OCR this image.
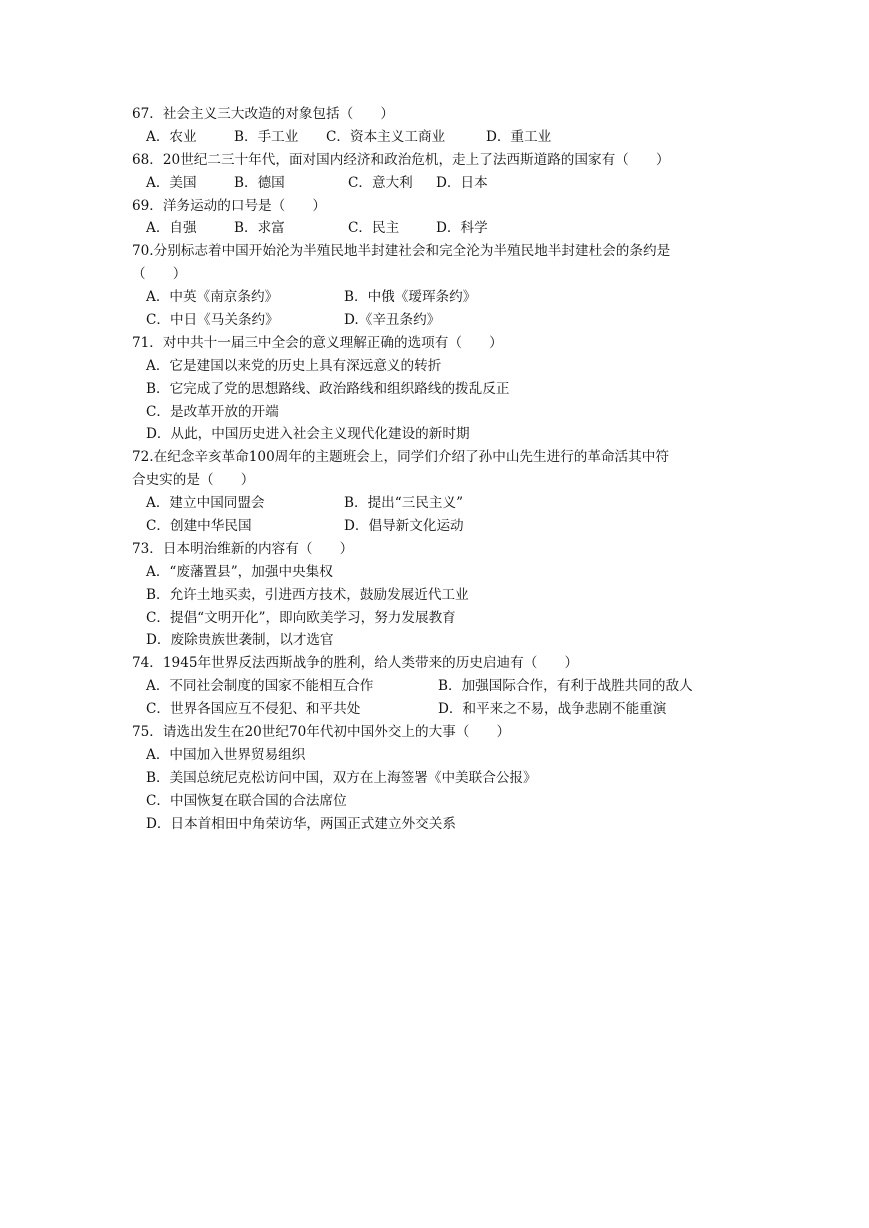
67．社会主义三大改造的对象包括（　　）
A．农业	B．手工业	C．资本主义工商业	D．重工业
68．20世纪二三十年代，面对国内经济和政治危机，走上了法西斯道路的国家有（　　）
A．美国	B．德国	C．意大利	D．日本
69．洋务运动的口号是（　　）
A．自强	B．求富	C．民主	D．科学
70.分别标志着中国开始沦为半殖民地半封建社会和完全沦为半殖民地半封建杜会的条约是
（　　）
A．中英《南京条约》	B．中俄《瑷珲条约》
C．中日《马关条约》	D.《辛丑条约》
71．对中共十一届三中全会的意义理解正确的选项有（　　）
A．它是建国以来党的历史上具有深远意义的转折
B．它完成了党的思想路线、政治路线和组织路线的拨乱反正
C．是改革开放的开端
D．从此，中国历史进入社会主义现代化建设的新时期
72.在纪念辛亥革命100周年的主题班会上，同学们介绍了孙中山先生进行的革命活其中符
合史实的是（　　）
A．建立中国同盟会	B．提出“三民主义”
C．创建中华民国	D．倡导新文化运动
73．日本明治维新的内容有（　　）
A．“废藩置县”，加强中央集权
B．允许土地买卖，引进西方技术，鼓励发展近代工业
C．提倡“文明开化”，即向欧美学习，努力发展教育
D．废除贵族世袭制，以才选官
74．1945年世界反法西斯战争的胜利，给人类带来的历史启迪有（　　）
A．不同社会制度的国家不能相互合作	B．加强国际合作，有利于战胜共同的敌人
C．世界各国应互不侵犯、和平共处	D．和平来之不易，战争悲剧不能重演
75．请选出发生在20世纪70年代初中国外交上的大事（　　）
A．中国加入世界贸易组织
B．美国总统尼克松访问中国，双方在上海签署《中美联合公报》
C．中国恢复在联合国的合法席位
D．日本首相田中角荣访华，两国正式建立外交关系
